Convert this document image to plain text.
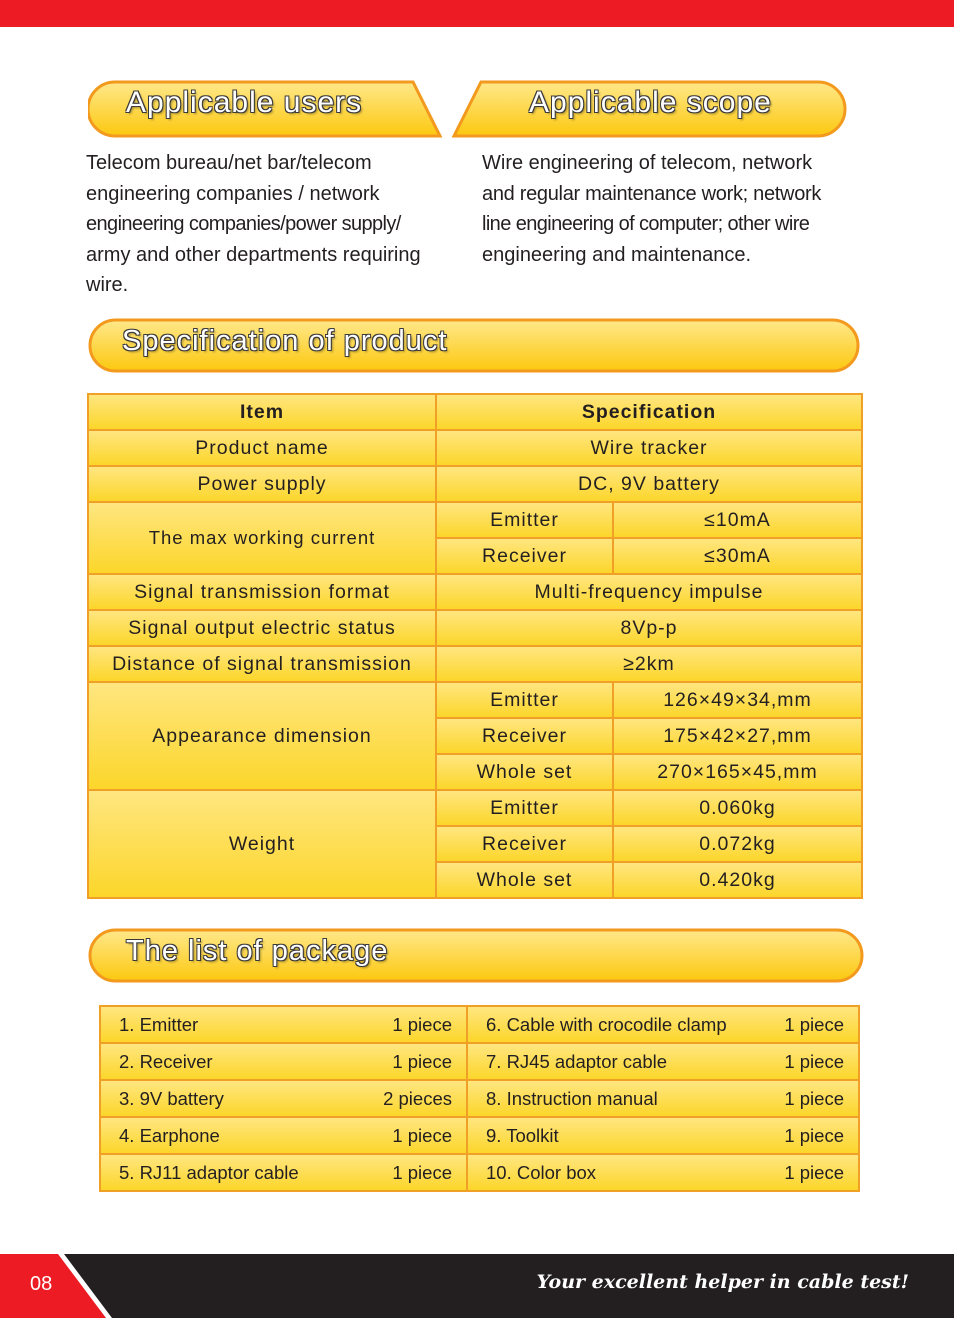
Applicable users	Applicable scope
Telecom bureau/net bar/telecom
engineering companies / network
engineering companies/power supply/
army and other departments requiring
wire.
Wire engineering of telecom, network
and regular maintenance work; network
line engineering of computer; other wire
engineering and maintenance.
Specification of product
Item	Specification	
Product name	Wire tracker	
Power supply	DC, 9V battery	
The max working current	Emitter	≤10mA
	Receiver	≤30mA
Signal transmission format	Multi-frequency impulse	
Signal output electric status	8Vp-p	
Distance of signal transmission	≥2km	
Appearance dimension	Emitter	126×49×34,mm
	Receiver	175×42×27,mm
	Whole set	270×165×45,mm
Weight	Emitter	0.060kg
	Receiver	0.072kg
	Whole set	0.420kg
The list of package
1. Emitter 1 piece	6. Cable with crocodile clamp 1 piece

2. Receiver 1 piece	7. RJ45 adaptor cable 1 piece

3. 9V battery 2 pieces	8. Instruction manual 1 piece

4. Earphone 1 piece	9. Toolkit 1 piece

5. RJ11 adaptor cable 1 piece	10. Color box 1 piece
08	Your excellent helper in cable test!
